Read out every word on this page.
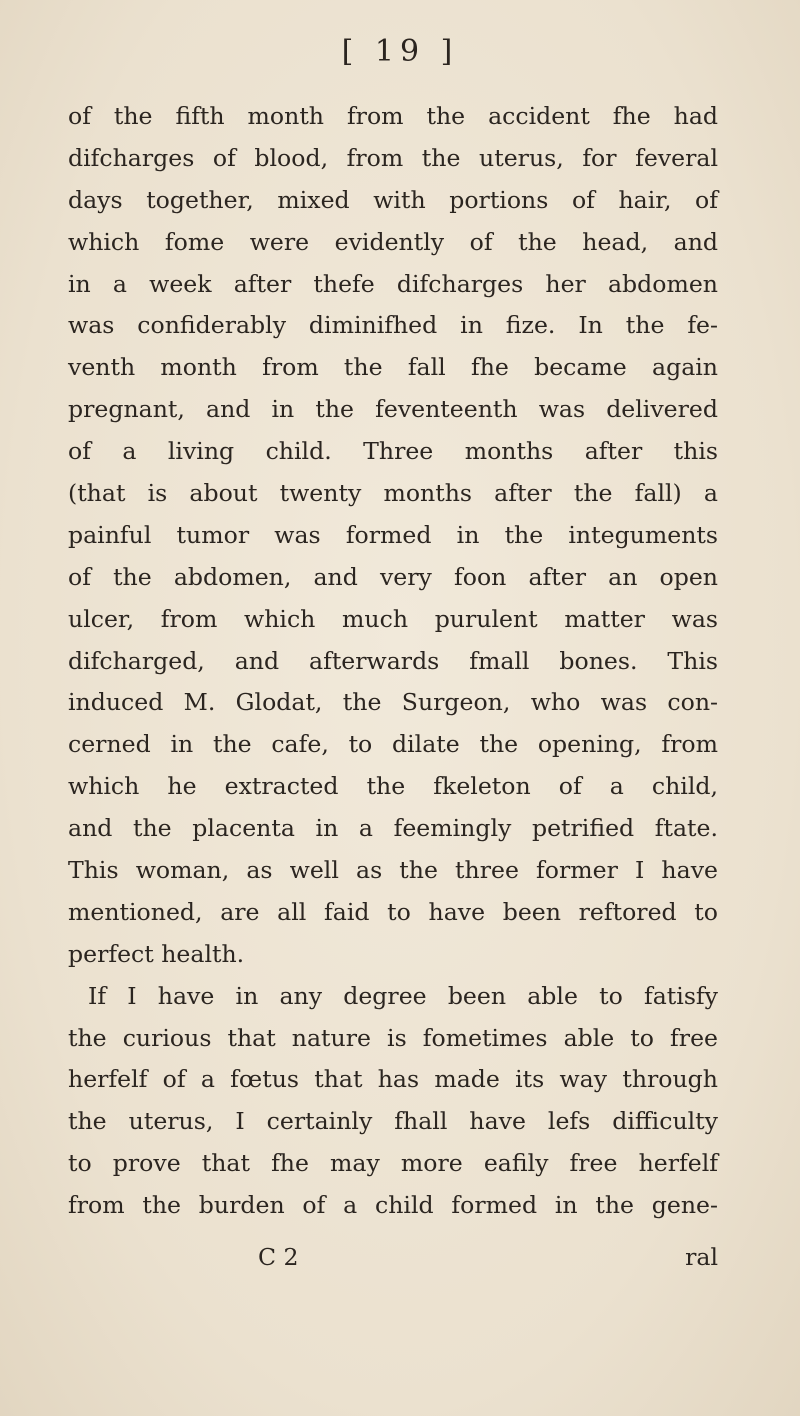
[ 19 ]
of the fifth month from the accident fhe had
difcharges of blood, from the uterus, for feveral
days together, mixed with portions of hair, of
which fome were evidently of the head, and
in a week after thefe difcharges her abdomen
was confiderably diminifhed in fize. In the fe-
venth month from the fall fhe became again
pregnant, and in the feventeenth was delivered
of a living child. Three months after this
(that is about twenty months after the fall) a
painful tumor was formed in the integuments
of the abdomen, and very foon after an open
ulcer, from which much purulent matter was
difcharged, and afterwards fmall bones. This
induced M. Glodat, the Surgeon, who was con-
cerned in the cafe, to dilate the opening, from
which he extracted the fkeleton of a child,
and the placenta in a feemingly petrified ftate.
This woman, as well as the three former I have
mentioned, are all faid to have been reftored to
perfect health.
If I have in any degree been able to fatisfy
the curious that nature is fometimes able to free
herfelf of a fœtus that has made its way through
the uterus, I certainly fhall have lefs difficulty
to prove that fhe may more eafily free herfelf
from the burden of a child formed in the gene-
C 2	ral
